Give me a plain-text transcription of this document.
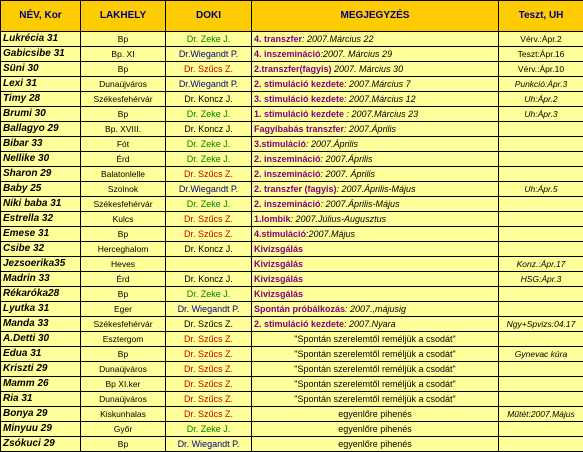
NÉV, Kor	LAKHELY	DOKI	MEGJEGYZÉS	Teszt, UH
Lukrécia 31	Bp	Dr. Zeke J.	4. transzfer: 2007.Március 22	Vérv.:Ápr.2
Gabicsibe 31	Bp. XI	Dr.Wiegandt P.	4. inszemináció:2007. Március 29	Teszt:Ápr.16
Süni 30	Bp	Dr. Szűcs Z.	2.transzfer(fagyis) 2007. Március 30	Vérv.:Ápr.10
Lexi 31	Dunaújváros	Dr.Wiegandt P.	2. stimuláció kezdete: 2007.Március 7	Punkció:Ápr.3
Timy 28	Székesfehérvár	Dr. Koncz J.	3. stimuláció kezdete: 2007.Március 12	Uh:Ápr.2
Brumi 30	Bp	Dr. Zeke J.	1. stimuláció kezdete : 2007.Március 23	Uh:Ápr.3
Ballagyo 29	Bp. XVIII.	Dr. Koncz J.	Fagyibabás transzfer: 2007.Április	
Bibar 33	Fót	Dr. Zeke J.	3.stimuláció: 2007.Április	
Nellike 30	Érd	Dr. Zeke J.	2. inszemináció: 2007.Április	
Sharon 29	Balatonlelle	Dr. Szűcs Z.	2. inszemináció: 2007. Április	
Baby 25	Szolnok	Dr.Wiegandt P.	2. transzfer (fagyis): 2007.Április-Május	Uh:Ápr.5
Niki baba 31	Székesfehérvár	Dr. Zeke J.	2. inszemináció: 2007.Április-Május	
Estrella 32	Kulcs	Dr. Szűcs Z.	1.lombik: 2007.Július-Augusztus	
Emese 31	Bp	Dr. Szűcs Z.	4.stimuláció:2007.Május	
Csibe 32	Herceghalom	Dr. Koncz J.	Kivizsgálás	
Jezsoerika35	Heves		Kivizsgálás	Konz.:Ápr.17
Madrin 33	Érd	Dr. Koncz J.	Kivizsgálás	HSG:Ápr.3
Rékaróka28	Bp	Dr. Zeke J.	Kivizsgálás	
Lyutka 31	Eger	Dr. Wiegandt P.	Spontán próbálkozás: 2007.,májusig	
Manda 33	Székesfehérvár	Dr. Szűcs Z.	2. stimuláció kezdete: 2007.Nyara	Ngy+Spvizs:04.17
A.Detti 30	Esztergom	Dr. Szűcs Z.	"Spontán szerelemtől reméljük a csodát"	
Edua 31	Bp	Dr. Szűcs Z.	"Spontán szerelemtől reméljük a csodát"	Gynevac kúra
Kriszti 29	Dunaújváros	Dr. Szűcs Z.	"Spontán szerelemtől reméljük a csodát"	
Mamm 26	Bp XI.ker	Dr. Szűcs Z.	"Spontán szerelemtől reméljük a csodát"	
Ria 31	Dunaújváros	Dr. Szűcs Z.	"Spontán szerelemtől reméljük a csodát"	
Bonya 29	Kiskunhalas	Dr. Szűcs Z.	egyenlőre pihenés	Műtét:2007.Május
Minyuu 29	Győr	Dr. Zeke J.	egyenlőre pihenés	
Zsókuci 29	Bp	Dr. Wiegandt P.	egyenlőre pihenés	
